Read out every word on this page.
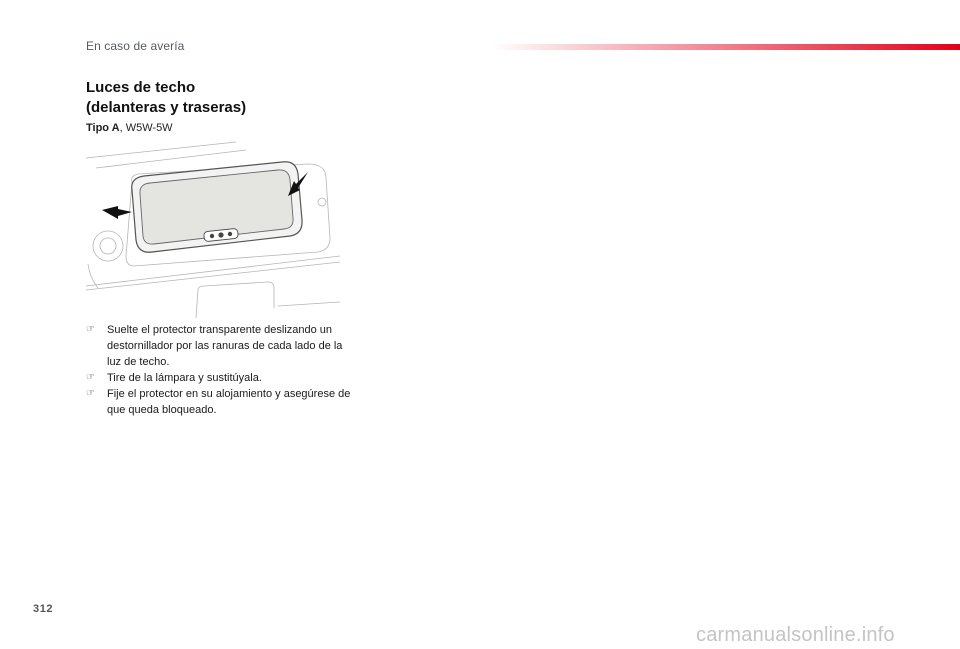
En caso de avería
Luces de techo
(delanteras y traseras)
Tipo A, W5W-5W
☞ Suelte el protector transparente deslizando un destornillador por las ranuras de cada lado de la luz de techo.
☞ Tire de la lámpara y sustitúyala.
☞ Fije el protector en su alojamiento y asegúrese de que queda bloqueado.
312
carmanualsonline.info
